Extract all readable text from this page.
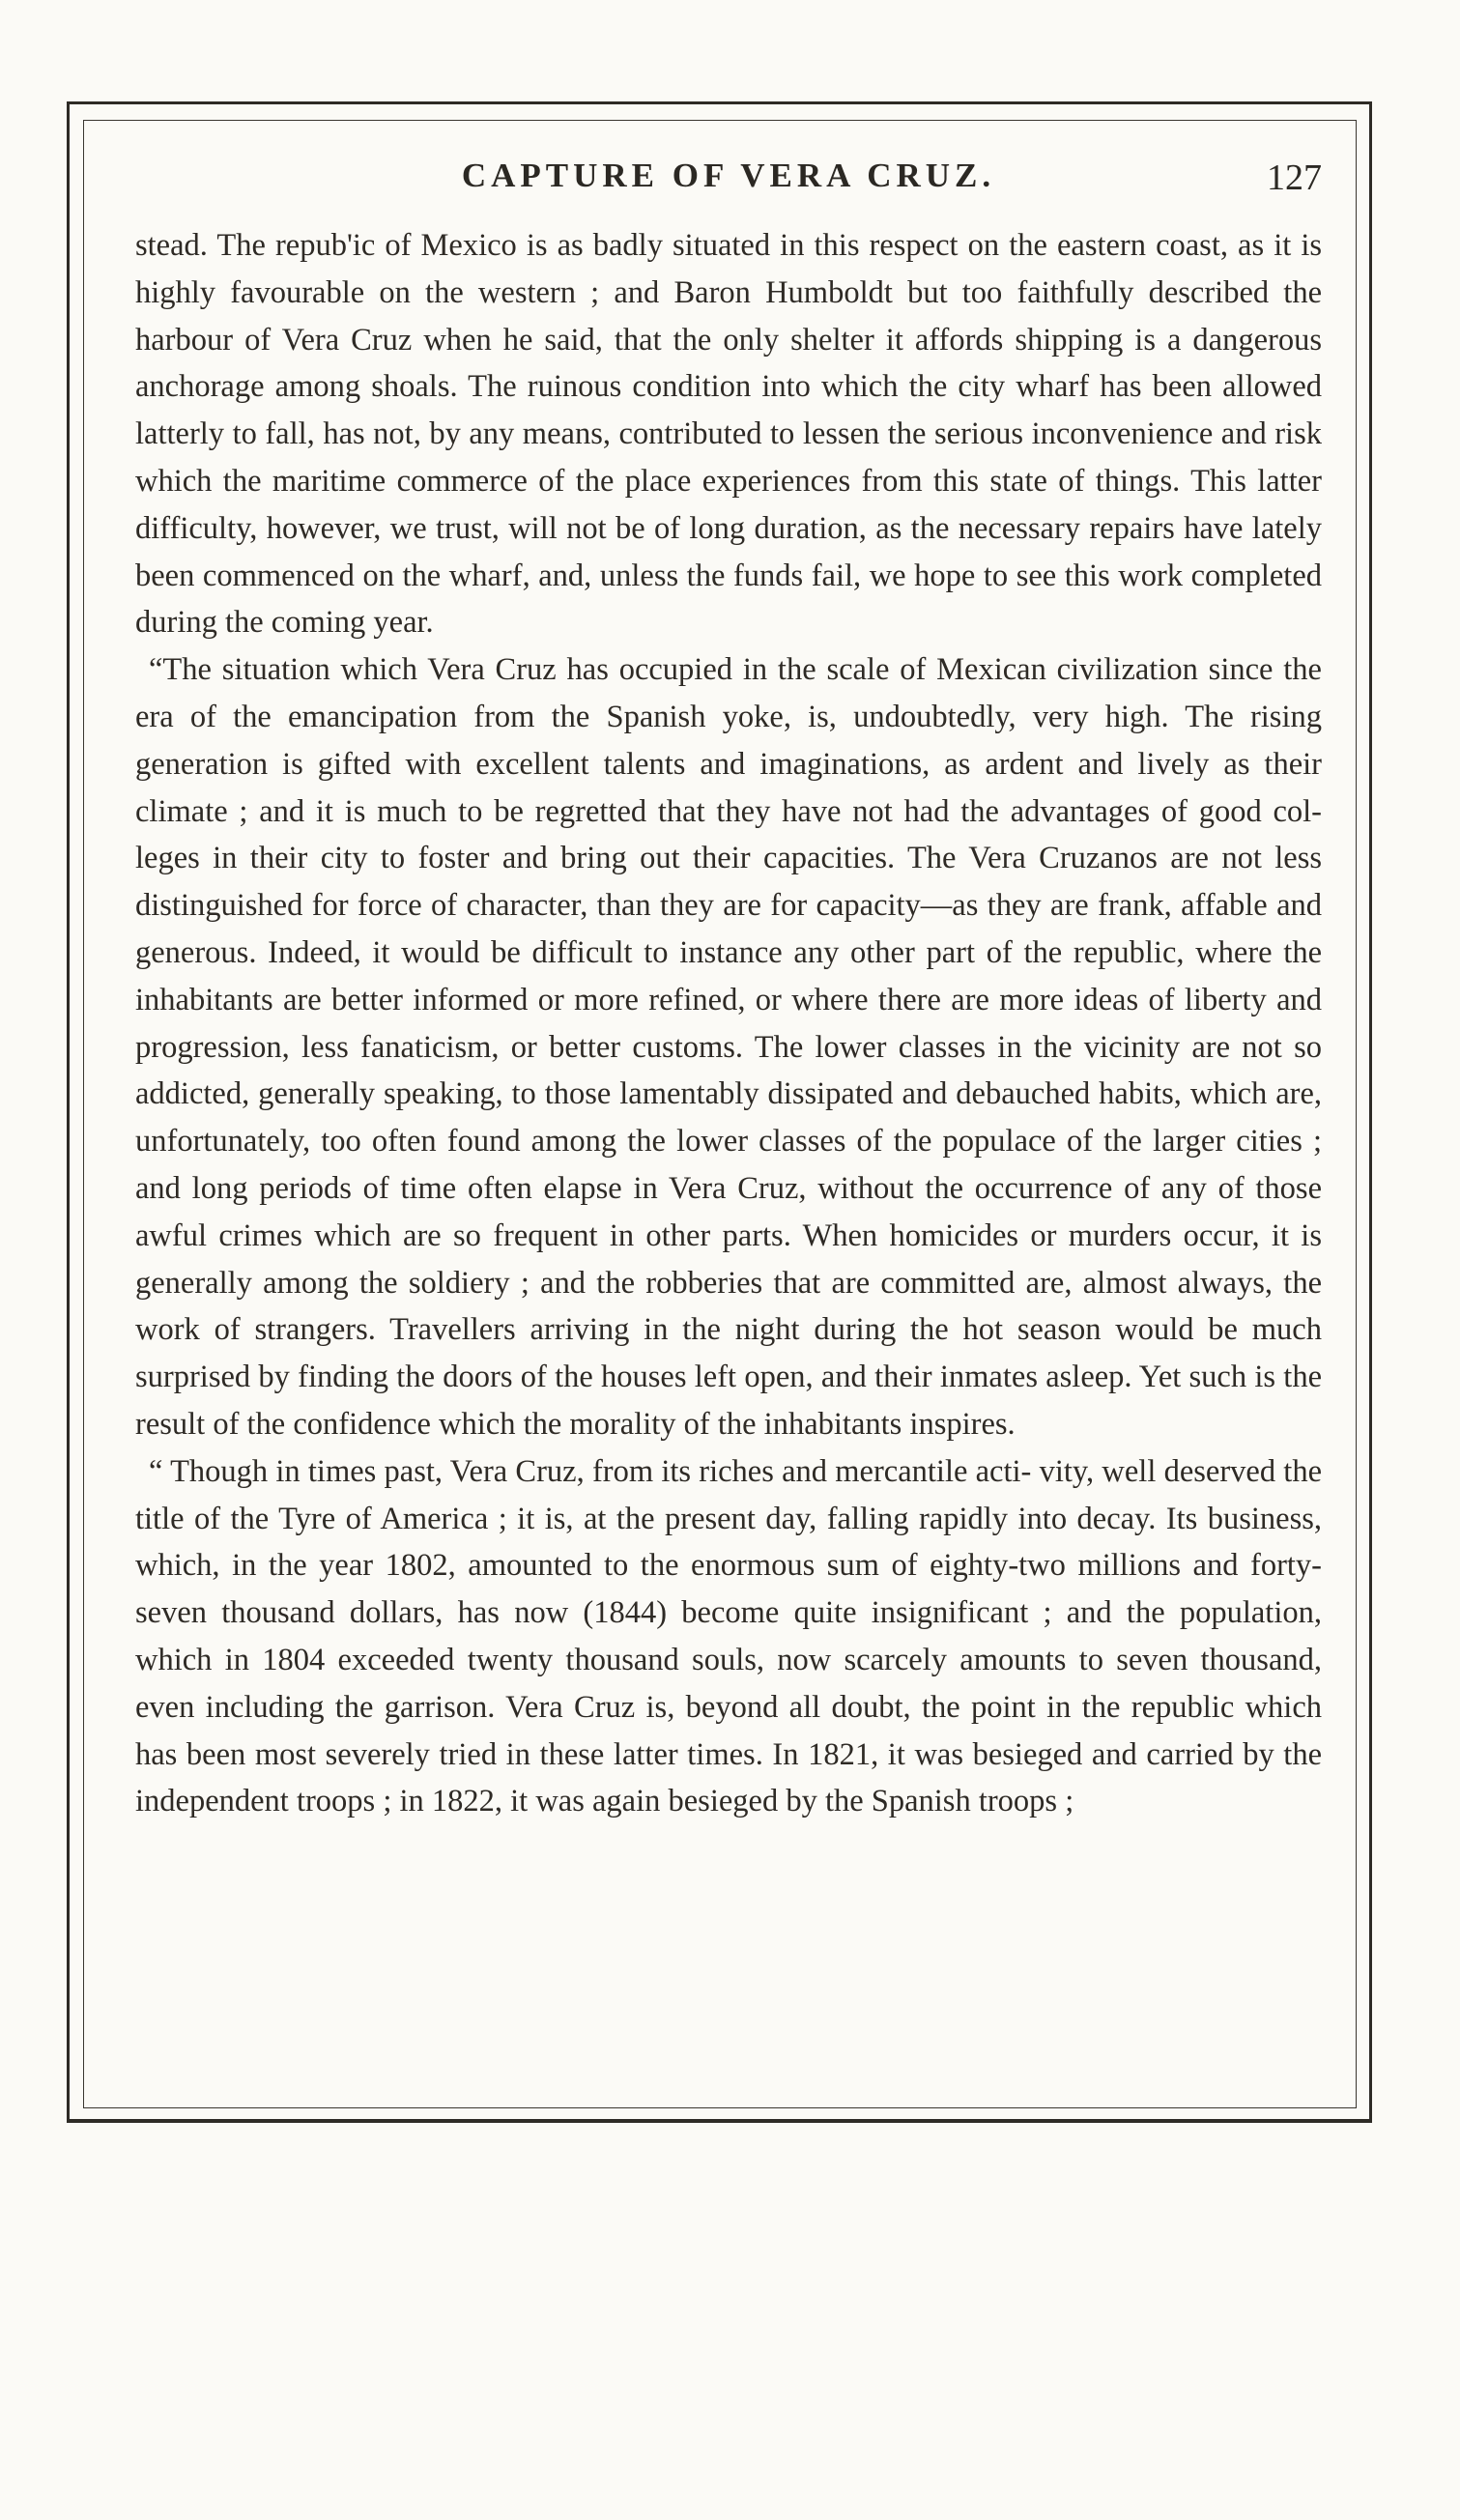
CAPTURE OF VERA CRUZ.	127

stead. The repub'ic of Mexico is as badly situated in this respect on the eastern coast, as it is highly favourable on the western ; and Baron Humboldt but too faithfully described the harbour of Vera Cruz when he said, that the only shelter it affords shipping is a dangerous anchorage among shoals. The ruinous condition into which the city wharf has been allowed latterly to fall, has not, by any means, contributed to lessen the serious inconvenience and risk which the maritime commerce of the place experiences from this state of things. This latter difficulty, however, we trust, will not be of long duration, as the necessary repairs have lately been commenced on the wharf, and, unless the funds fail, we hope to see this work completed during the coming year.

“The situation which Vera Cruz has occupied in the scale of Mexican civilization since the era of the emancipation from the Spanish yoke, is, undoubtedly, very high. The rising generation is gifted with excellent talents and imaginations, as ardent and lively as their climate ; and it is much to be regretted that they have not had the advantages of good col- leges in their city to foster and bring out their capacities. The Vera Cruzanos are not less distinguished for force of character, than they are for capacity—as they are frank, affable and generous. Indeed, it would be difficult to instance any other part of the republic, where the inhabitants are better informed or more refined, or where there are more ideas of liberty and progression, less fanaticism, or better customs. The lower classes in the vicinity are not so addicted, generally speaking, to those lamentably dissipated and debauched habits, which are, unfortunately, too often found among the lower classes of the populace of the larger cities ; and long periods of time often elapse in Vera Cruz, without the occurrence of any of those awful crimes which are so frequent in other parts. When homicides or murders occur, it is generally among the soldiery ; and the robberies that are committed are, almost always, the work of strangers. Travellers arriving in the night during the hot season would be much surprised by finding the doors of the houses left open, and their inmates asleep. Yet such is the result of the confidence which the morality of the inhabitants inspires.

“ Though in times past, Vera Cruz, from its riches and mercantile acti- vity, well deserved the title of the Tyre of America ; it is, at the present day, falling rapidly into decay. Its business, which, in the year 1802, amounted to the enormous sum of eighty-two millions and forty-seven thousand dollars, has now (1844) become quite insignificant ; and the population, which in 1804 exceeded twenty thousand souls, now scarcely amounts to seven thousand, even including the garrison. Vera Cruz is, beyond all doubt, the point in the republic which has been most severely tried in these latter times. In 1821, it was besieged and carried by the independent troops ; in 1822, it was again besieged by the Spanish troops ;
